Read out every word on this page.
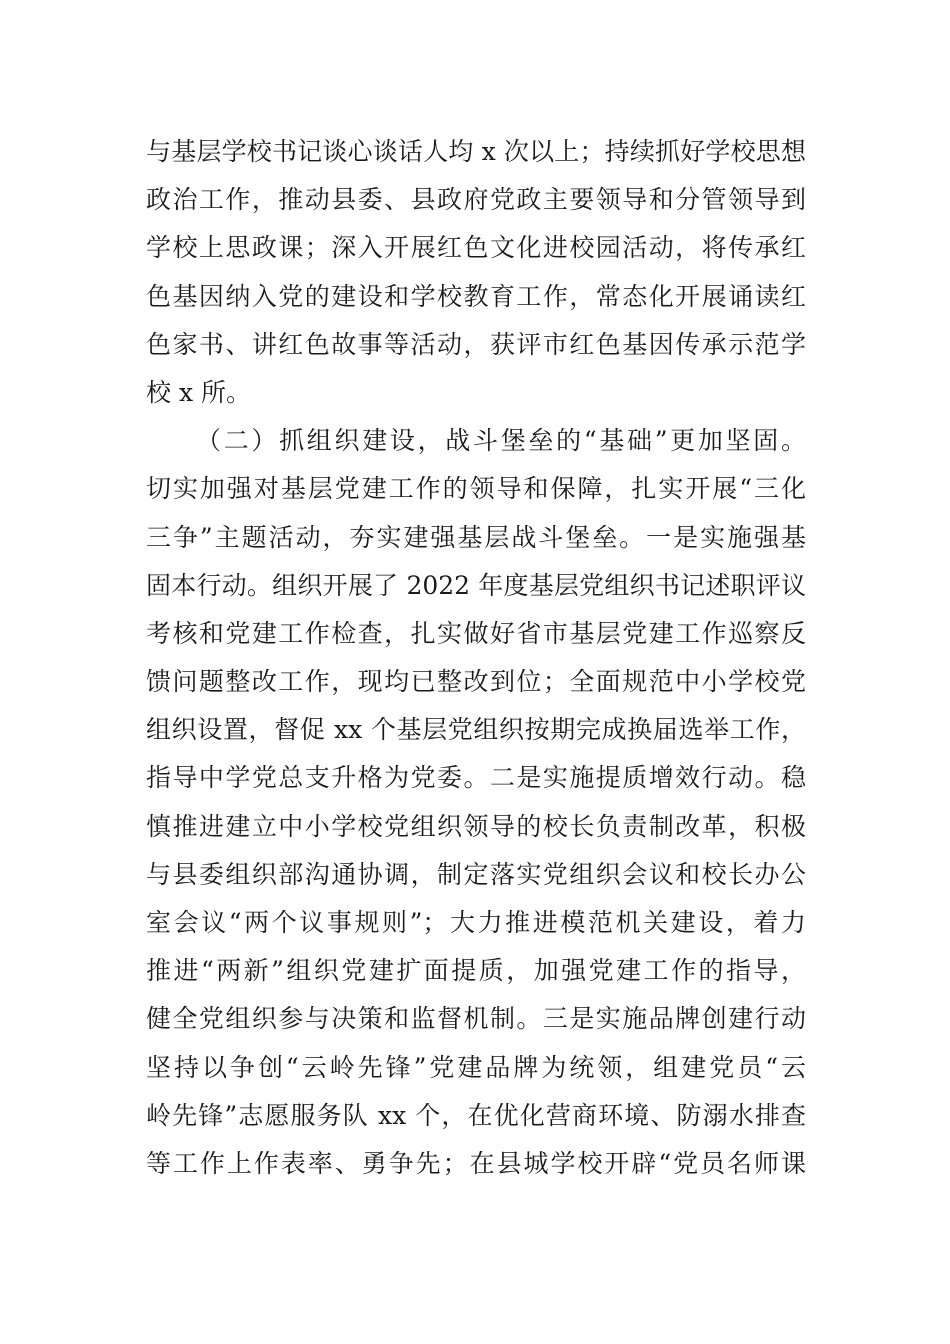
与基层学校书记谈心谈话人均 x 次以上；持续抓好学校思想
政治工作，推动县委、县政府党政主要领导和分管领导到
学校上思政课；深入开展红色文化进校园活动，将传承红
色基因纳入党的建设和学校教育工作，常态化开展诵读红
色家书、讲红色故事等活动，获评市红色基因传承示范学
校 x 所。
（二）抓组织建设，战斗堡垒的“基础”更加坚固。
切实加强对基层党建工作的领导和保障，扎实开展“三化
三争”主题活动，夯实建强基层战斗堡垒。一是实施强基
固本行动。组织开展了 2022 年度基层党组织书记述职评议
考核和党建工作检查，扎实做好省市基层党建工作巡察反
馈问题整改工作，现均已整改到位；全面规范中小学校党
组织设置，督促 xx 个基层党组织按期完成换届选举工作，
指导中学党总支升格为党委。二是实施提质增效行动。稳
慎推进建立中小学校党组织领导的校长负责制改革，积极
与县委组织部沟通协调，制定落实党组织会议和校长办公
室会议“两个议事规则”；大力推进模范机关建设，着力
推进“两新”组织党建扩面提质，加强党建工作的指导，
健全党组织参与决策和监督机制。三是实施品牌创建行动
坚持以争创“云岭先锋”党建品牌为统领，组建党员“云
岭先锋”志愿服务队 xx 个，在优化营商环境、防溺水排查
等工作上作表率、勇争先；在县城学校开辟“党员名师课
